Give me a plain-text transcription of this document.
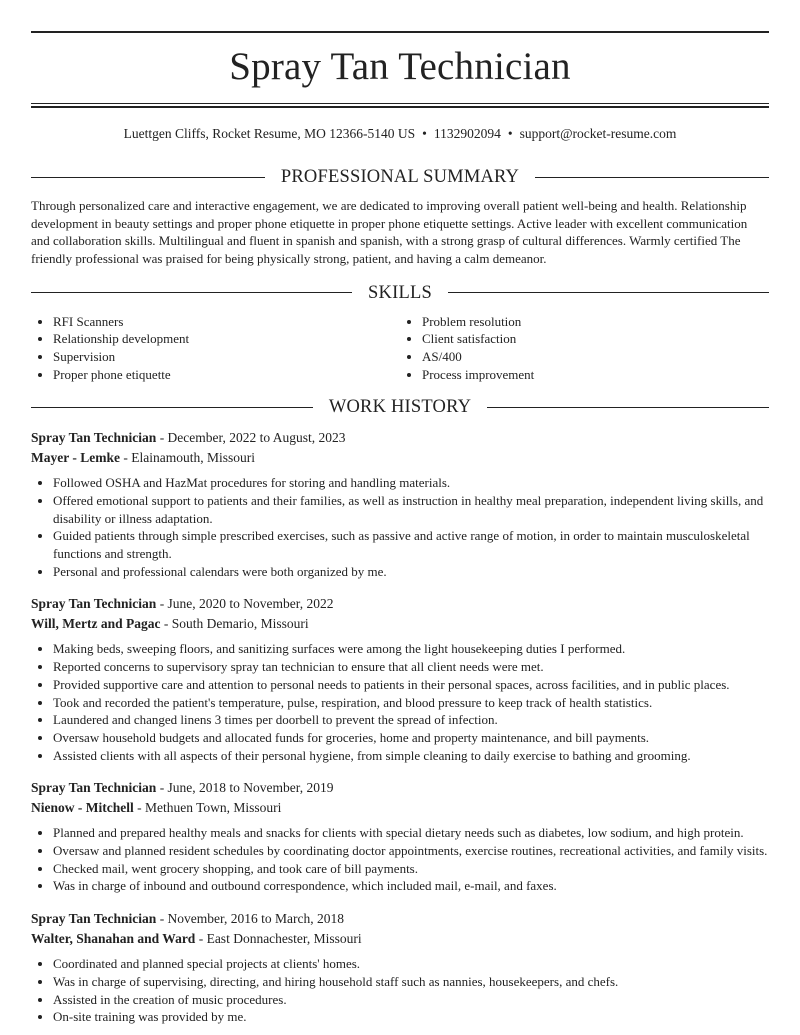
Spray Tan Technician
Luettgen Cliffs, Rocket Resume, MO 12366-5140 US • 1132902094 • support@rocket-resume.com
PROFESSIONAL SUMMARY
Through personalized care and interactive engagement, we are dedicated to improving overall patient well-being and health. Relationship development in beauty settings and proper phone etiquette in proper phone etiquette settings. Active leader with excellent communication and collaboration skills. Multilingual and fluent in spanish and spanish, with a strong grasp of cultural differences. Warmly certified The friendly professional was praised for being physically strong, patient, and having a calm demeanor.
SKILLS
• RFI Scanners
• Relationship development
• Supervision
• Proper phone etiquette
• Problem resolution
• Client satisfaction
• AS/400
• Process improvement
WORK HISTORY
Spray Tan Technician - December, 2022 to August, 2023
Mayer - Lemke - Elainamouth, Missouri
• Followed OSHA and HazMat procedures for storing and handling materials.
• Offered emotional support to patients and their families, as well as instruction in healthy meal preparation, independent living skills, and disability or illness adaptation.
• Guided patients through simple prescribed exercises, such as passive and active range of motion, in order to maintain musculoskeletal functions and strength.
• Personal and professional calendars were both organized by me.
Spray Tan Technician - June, 2020 to November, 2022
Will, Mertz and Pagac - South Demario, Missouri
• Making beds, sweeping floors, and sanitizing surfaces were among the light housekeeping duties I performed.
• Reported concerns to supervisory spray tan technician to ensure that all client needs were met.
• Provided supportive care and attention to personal needs to patients in their personal spaces, across facilities, and in public places.
• Took and recorded the patient's temperature, pulse, respiration, and blood pressure to keep track of health statistics.
• Laundered and changed linens 3 times per doorbell to prevent the spread of infection.
• Oversaw household budgets and allocated funds for groceries, home and property maintenance, and bill payments.
• Assisted clients with all aspects of their personal hygiene, from simple cleaning to daily exercise to bathing and grooming.
Spray Tan Technician - June, 2018 to November, 2019
Nienow - Mitchell - Methuen Town, Missouri
• Planned and prepared healthy meals and snacks for clients with special dietary needs such as diabetes, low sodium, and high protein.
• Oversaw and planned resident schedules by coordinating doctor appointments, exercise routines, recreational activities, and family visits.
• Checked mail, went grocery shopping, and took care of bill payments.
• Was in charge of inbound and outbound correspondence, which included mail, e-mail, and faxes.
Spray Tan Technician - November, 2016 to March, 2018
Walter, Shanahan and Ward - East Donnachester, Missouri
• Coordinated and planned special projects at clients' homes.
• Was in charge of supervising, directing, and hiring household staff such as nannies, housekeepers, and chefs.
• Assisted in the creation of music procedures.
• On-site training was provided by me.
